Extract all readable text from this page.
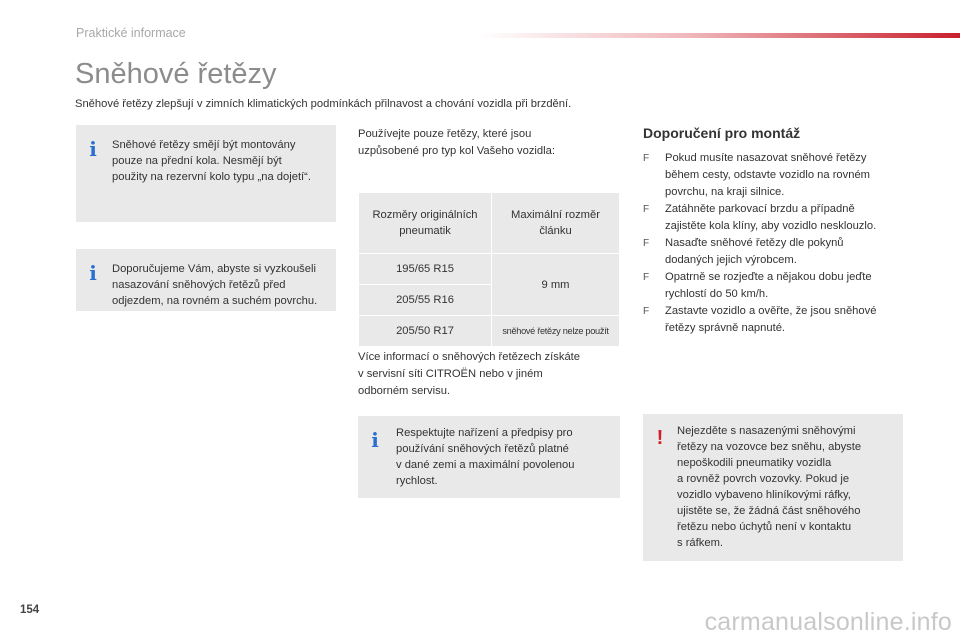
Praktické informace
Sněhové řetězy
Sněhové řetězy zlepšují v zimních klimatických podmínkách přilnavost a chování vozidla při brzdění.
i Sněhové řetězy smějí být montovány
pouze na přední kola. Nesmějí být
použity na rezervní kolo typu „na dojetí“.
i Doporučujeme Vám, abyste si vyzkoušeli
nasazování sněhových řetězů před
odjezdem, na rovném a suchém povrchu.

Používejte pouze řetězy, které jsou
uzpůsobené pro typ kol Vašeho vozidla:

Rozměry originálních
pneumatik	Maximální rozměr
článku
195/65 R15	9 mm
205/55 R16	
205/50 R17	sněhové řetězy nelze použít

Více informací o sněhových řetězech získáte
v servisní síti CITROËN nebo v jiném
odborném servisu.

i Respektujte nařízení a předpisy pro
používání sněhových řetězů platné
v dané zemi a maximální povolenou
rychlost.
Doporučení pro montáž
F Pokud musíte nasazovat sněhové řetězy
během cesty, odstavte vozidlo na rovném
povrchu, na kraji silnice.
F Zatáhněte parkovací brzdu a případně
zajistěte kola klíny, aby vozidlo nesklouzlo.
F Nasaďte sněhové řetězy dle pokynů
dodaných jejich výrobcem.
F Opatrně se rozjeďte a nějakou dobu jeďte
rychlostí do 50 km/h.
F Zastavte vozidlo a ověřte, že jsou sněhové
řetězy správně napnuté.
! Nejezděte s nasazenými sněhovými
řetězy na vozovce bez sněhu, abyste
nepoškodili pneumatiky vozidla
a rovněž povrch vozovky. Pokud je
vozidlo vybaveno hliníkovými ráfky,
ujistěte se, že žádná část sněhového
řetězu nebo úchytů není v kontaktu
s ráfkem.
154	carmanualsonline.info
